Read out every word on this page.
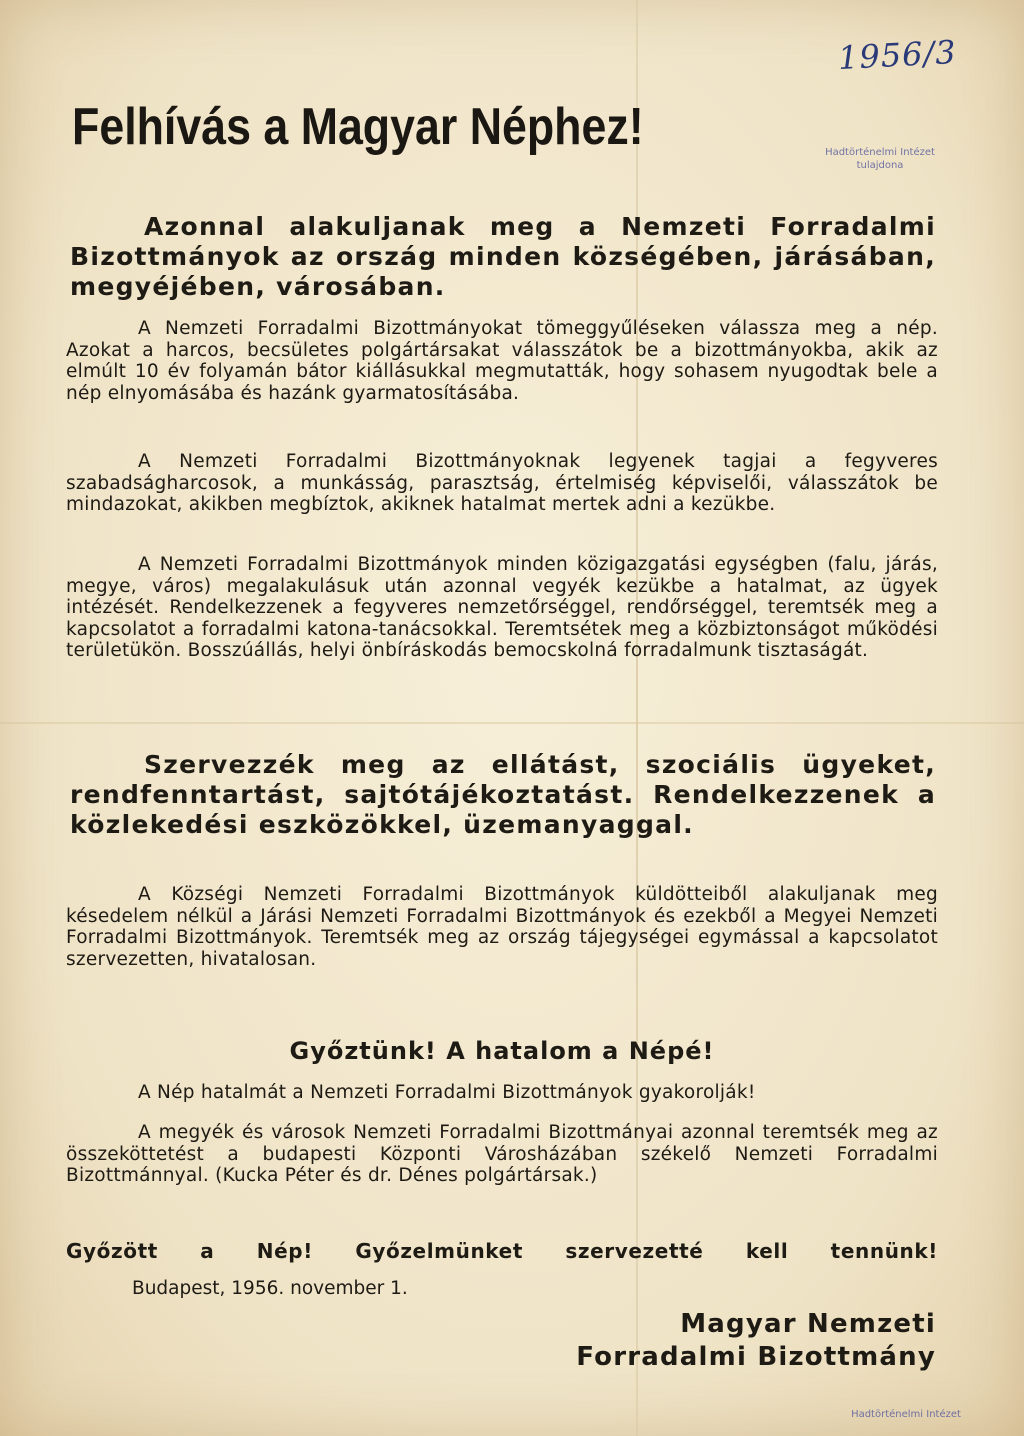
1956/3
Hadtörténelmi Intézet
tulajdona
Felhívás a Magyar Néphez!

Azonnal alakuljanak meg a Nemzeti Forradalmi Bizottmányok az ország minden községében, járásában, megyéjében, városában.

A Nemzeti Forradalmi Bizottmányokat tömeggyűléseken válassza meg a nép. Azokat a harcos, becsületes polgártársakat válasszátok be a bizottmányokba, akik az elmúlt 10 év folyamán bátor kiállásukkal megmutatták, hogy sohasem nyugodtak bele a nép elnyomásába és hazánk gyarmatosításába.

A Nemzeti Forradalmi Bizottmányoknak legyenek tagjai a fegyveres szabadságharcosok, a munkásság, parasztság, értelmiség képviselői, válasszátok be mindazokat, akikben megbíztok, akiknek hatalmat mertek adni a kezükbe.

A Nemzeti Forradalmi Bizottmányok minden közigazgatási egységben (falu, járás, megye, város) megalakulásuk után azonnal vegyék kezükbe a hatalmat, az ügyek intézését. Rendelkezzenek a fegyveres nemzetőrséggel, rendőrséggel, teremtsék meg a kapcsolatot a forradalmi katona-tanácsokkal. Teremtsétek meg a közbiztonságot működési területükön. Bosszúállás, helyi önbíráskodás bemocskolná forradalmunk tisztaságát.

Szervezzék meg az ellátást, szociális ügyeket, rendfenntartást, sajtótájékoztatást. Rendelkezzenek a közlekedési eszközökkel, üzemanyaggal.

A Községi Nemzeti Forradalmi Bizottmányok küldötteiből alakuljanak meg késedelem nélkül a Járási Nemzeti Forradalmi Bizottmányok és ezekből a Megyei Nemzeti Forradalmi Bizottmányok. Teremtsék meg az ország tájegységei egymással a kapcsolatot szervezetten, hivatalosan.

Győztünk! A hatalom a Népé!

A Nép hatalmát a Nemzeti Forradalmi Bizottmányok gyakorolják!

A megyék és városok Nemzeti Forradalmi Bizottmányai azonnal teremtsék meg az összeköttetést a budapesti Központi Városházában székelő Nemzeti Forradalmi Bizottmánnyal. (Kucka Péter és dr. Dénes polgártársak.)

Győzött a Nép! Győzelmünket szervezetté kell tennünk!

Budapest, 1956. november 1.

Magyar Nemzeti

Forradalmi Bizottmány

Hadtörténelmi Intézet
